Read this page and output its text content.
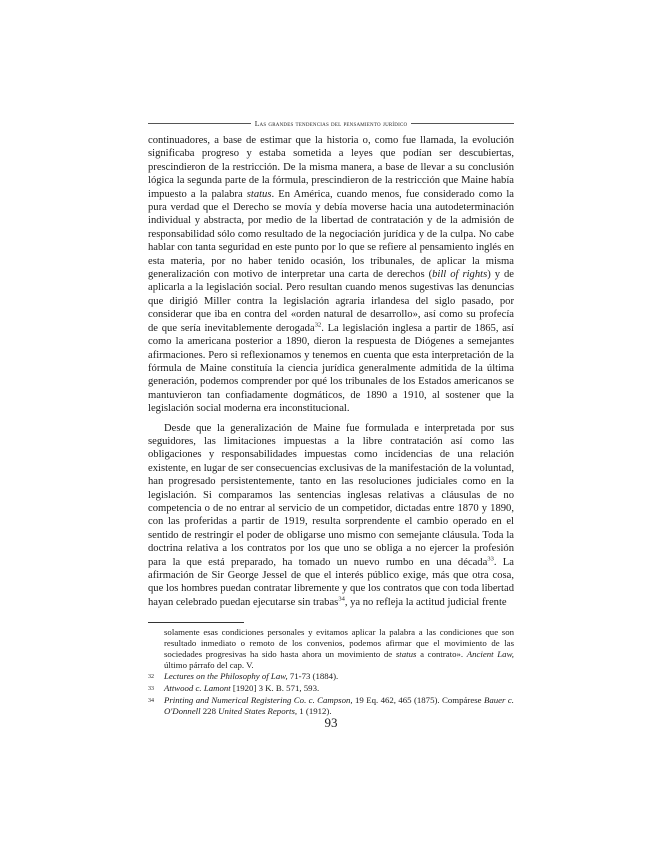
Las grandes tendencias del pensamiento jurídico

continuadores, a base de estimar que la historia o, como fue llamada, la evolución significaba progreso y estaba sometida a leyes que podían ser descubiertas, prescindieron de la restricción. De la misma manera, a base de llevar a su conclusión lógica la segunda parte de la fórmula, prescindieron de la restricción que Maine había impuesto a la palabra status. En América, cuando menos, fue considerado como la pura verdad que el Derecho se movía y debía moverse hacia una autodeterminación individual y abstracta, por medio de la libertad de contratación y de la admisión de responsabilidad sólo como resultado de la negociación jurídica y de la culpa. No cabe hablar con tanta seguridad en este punto por lo que se refiere al pensamiento inglés en esta materia, por no haber tenido ocasión, los tribunales, de aplicar la misma generalización con motivo de interpretar una carta de derechos (bill of rights) y de aplicarla a la legislación social. Pero resultan cuando menos sugestivas las denuncias que dirigió Miller contra la legislación agraria irlandesa del siglo pasado, por considerar que iba en contra del «orden natural de desarrollo», así como su profecía de que sería inevitablemente derogada$^{32}$. La legislación inglesa a partir de 1865, así como la americana posterior a 1890, dieron la respuesta de Diógenes a semejantes afirmaciones. Pero si reflexionamos y tenemos en cuenta que esta interpretación de la fórmula de Maine constituía la ciencia jurídica generalmente admitida de la última generación, podemos comprender por qué los tribunales de los Estados americanos se mantuvieron tan confiadamente dogmáticos, de 1890 a 1910, al sostener que la legislación social moderna era inconstitucional.

Desde que la generalización de Maine fue formulada e interpretada por sus seguidores, las limitaciones impuestas a la libre contratación así como las obligaciones y responsabilidades impuestas como incidencias de una relación existente, en lugar de ser consecuencias exclusivas de la manifestación de la voluntad, han progresado persistentemente, tanto en las resoluciones judiciales como en la legislación. Si comparamos las sentencias inglesas relativas a cláusulas de no competencia o de no entrar al servicio de un competidor, dictadas entre 1870 y 1890, con las proferidas a partir de 1919, resulta sorprendente el cambio operado en el sentido de restringir el poder de obligarse uno mismo con semejante cláusula. Toda la doctrina relativa a los contratos por los que uno se obliga a no ejercer la profesión para la que está preparado, ha tomado un nuevo rumbo en una década$^{33}$. La afirmación de Sir George Jessel de que el interés público exige, más que otra cosa, que los hombres puedan contratar libremente y que los contratos que con toda libertad hayan celebrado puedan ejecutarse sin trabas$^{34}$, ya no refleja la actitud judicial frente

solamente esas condiciones personales y evitamos aplicar la palabra a las condiciones que son resultado inmediato o remoto de los convenios, podemos afirmar que el movimiento de las sociedades progresivas ha sido hasta ahora un movimiento de status a contrato». Ancient Law, último párrafo del cap. V.
32	Lectures on the Philosophy of Law, 71-73 (1884).
33	Attwood c. Lamont [1920] 3 K. B. 571, 593.
34	Printing and Numerical Registering Co. c. Campson, 19 Eq. 462, 465 (1875). Compárese Bauer c. O'Donnell 228 United States Reports, 1 (1912).
93
